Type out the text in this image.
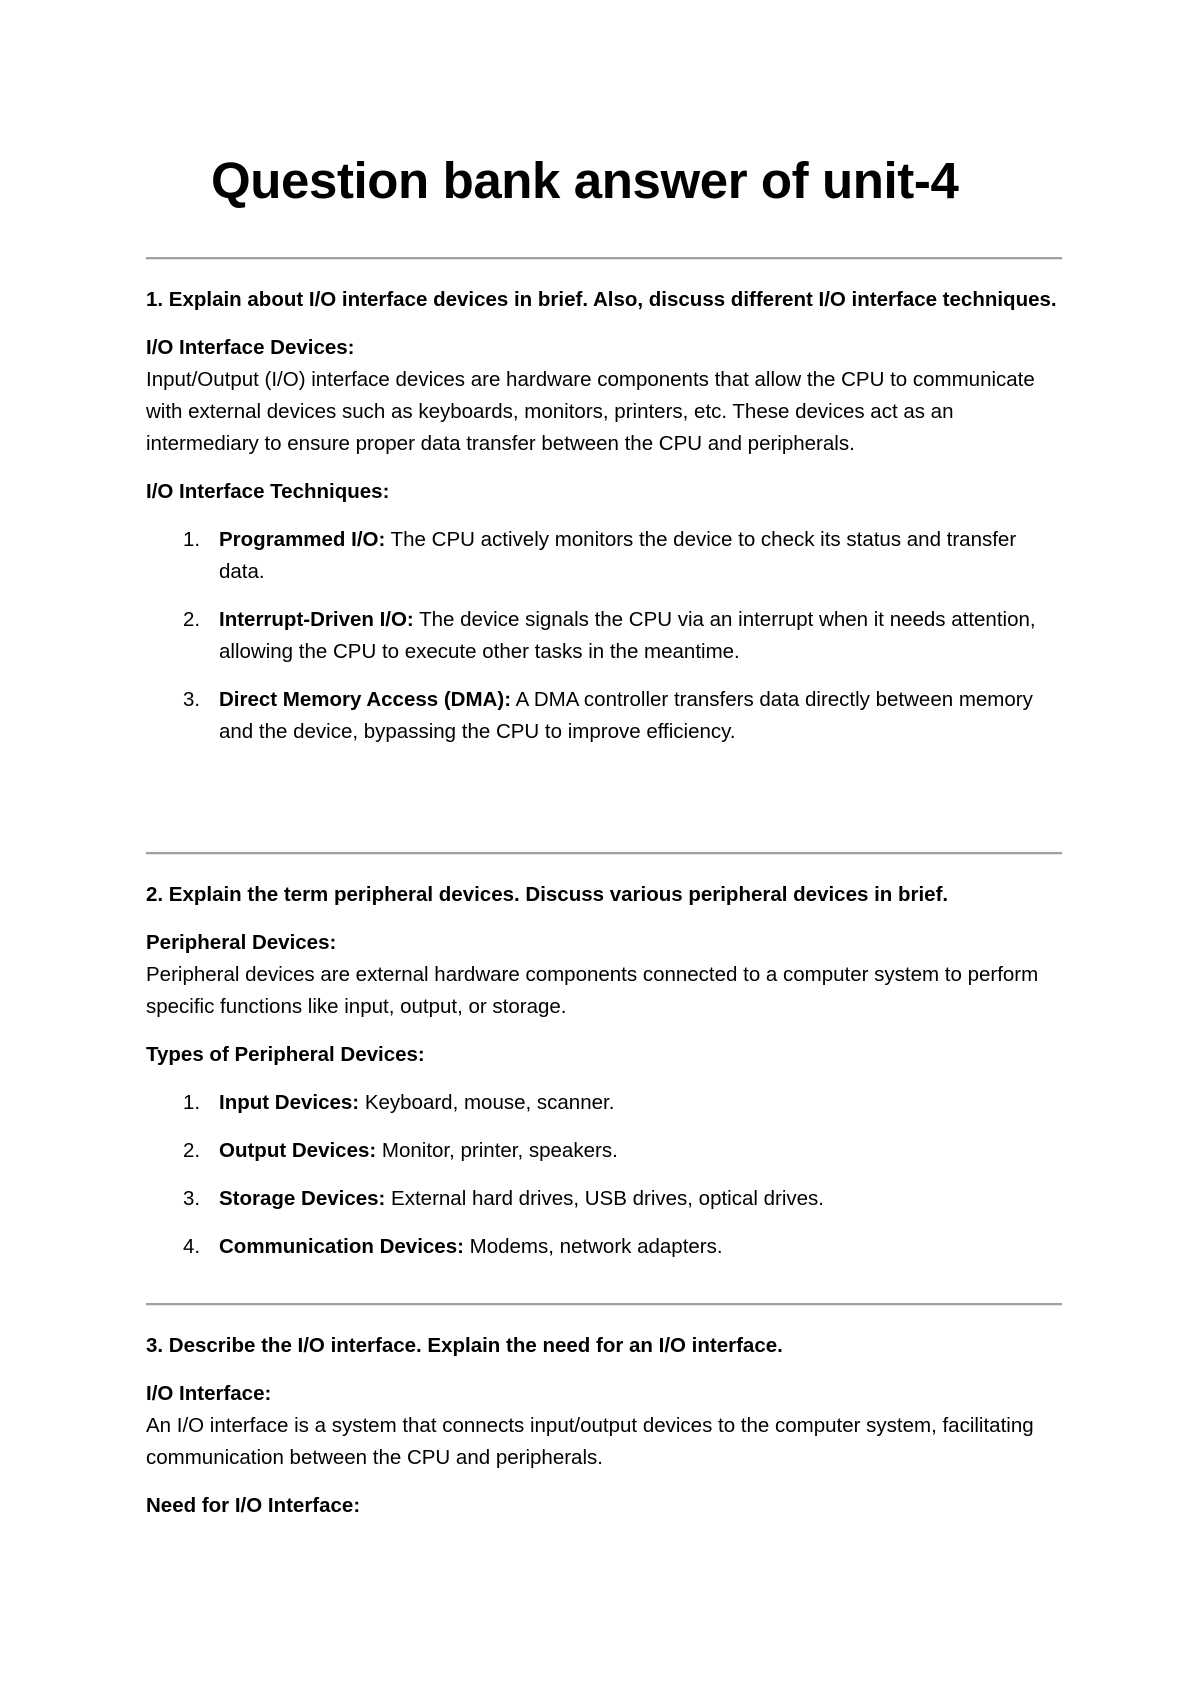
Question bank answer of unit-4

1. Explain about I/O interface devices in brief. Also, discuss different I/O interface techniques.

I/O Interface Devices:
Input/Output (I/O) interface devices are hardware components that allow the CPU to communicate with external devices such as keyboards, monitors, printers, etc. These devices act as an intermediary to ensure proper data transfer between the CPU and peripherals.

I/O Interface Techniques:

1. Programmed I/O: The CPU actively monitors the device to check its status and transfer data.
2. Interrupt-Driven I/O: The device signals the CPU via an interrupt when it needs attention, allowing the CPU to execute other tasks in the meantime.
3. Direct Memory Access (DMA): A DMA controller transfers data directly between memory and the device, bypassing the CPU to improve efficiency.

2. Explain the term peripheral devices. Discuss various peripheral devices in brief.

Peripheral Devices:
Peripheral devices are external hardware components connected to a computer system to perform specific functions like input, output, or storage.

Types of Peripheral Devices:

1. Input Devices: Keyboard, mouse, scanner.
2. Output Devices: Monitor, printer, speakers.
3. Storage Devices: External hard drives, USB drives, optical drives.
4. Communication Devices: Modems, network adapters.

3. Describe the I/O interface. Explain the need for an I/O interface.

I/O Interface:
An I/O interface is a system that connects input/output devices to the computer system, facilitating communication between the CPU and peripherals.

Need for I/O Interface:
